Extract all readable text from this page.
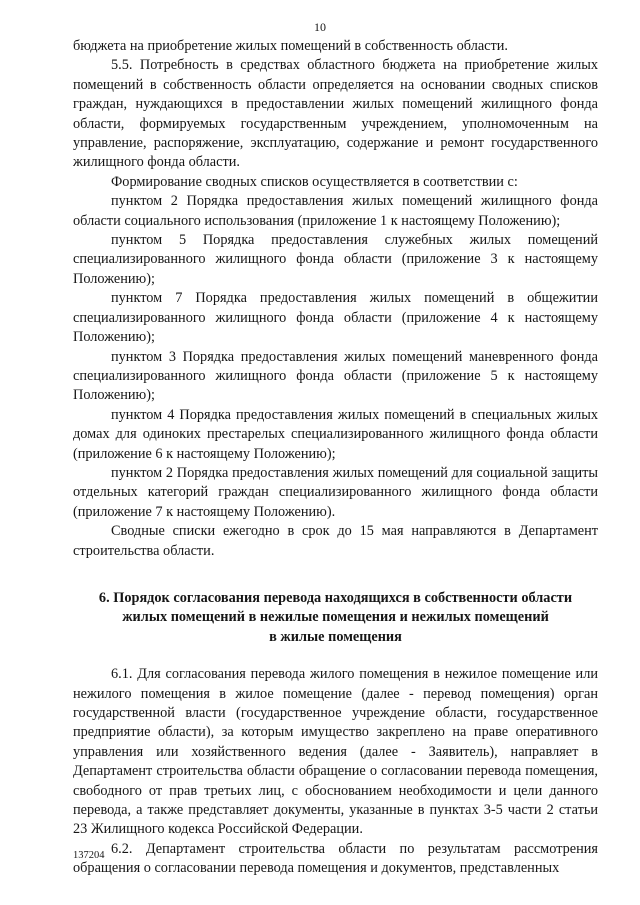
10

бюджета на приобретение жилых помещений в собственность области.

5.5. Потребность в средствах областного бюджета на приобретение жилых помещений в собственность области определяется на основании сводных списков граждан, нуждающихся в предоставлении жилых помещений жилищного фонда области, формируемых государственным учреждением, уполномоченным на управление, распоряжение, эксплуатацию, содержание и ремонт государственного жилищного фонда области.

Формирование сводных списков осуществляется в соответствии с:

пунктом 2 Порядка предоставления жилых помещений жилищного фонда области социального использования (приложение 1 к настоящему Положению);

пунктом 5 Порядка предоставления служебных жилых помещений специализированного жилищного фонда области (приложение 3 к настоящему Положению);

пунктом 7 Порядка предоставления жилых помещений в общежитии специализированного жилищного фонда области (приложение 4 к настоящему Положению);

пунктом 3 Порядка предоставления жилых помещений маневренного фонда специализированного жилищного фонда области (приложение 5 к настоящему Положению);

пунктом 4 Порядка предоставления жилых помещений в специальных жилых домах для одиноких престарелых специализированного жилищного фонда области (приложение 6 к настоящему Положению);

пунктом 2 Порядка предоставления жилых помещений для социальной защиты отдельных категорий граждан специализированного жилищного фонда области (приложение 7 к настоящему Положению).

Сводные списки ежегодно в срок до 15 мая направляются в Департамент строительства области.

6. Порядок согласования перевода находящихся в собственности области
жилых помещений в нежилые помещения и нежилых помещений
в жилые помещения

6.1. Для согласования перевода жилого помещения в нежилое помещение или нежилого помещения в жилое помещение (далее - перевод помещения) орган государственной власти (государственное учреждение области, государственное предприятие области), за которым имущество закреплено на праве оперативного управления или хозяйственного ведения (далее - Заявитель), направляет в Департамент строительства области обращение о согласовании перевода помещения, свободного от прав третьих лиц, с обоснованием необходимости и цели данного перевода, а также представляет документы, указанные в пунктах 3-5 части 2 статьи 23 Жилищного кодекса Российской Федерации.

6.2. Департамент строительства области по результатам рассмотрения обращения о согласовании перевода помещения и документов, представленных

137204
